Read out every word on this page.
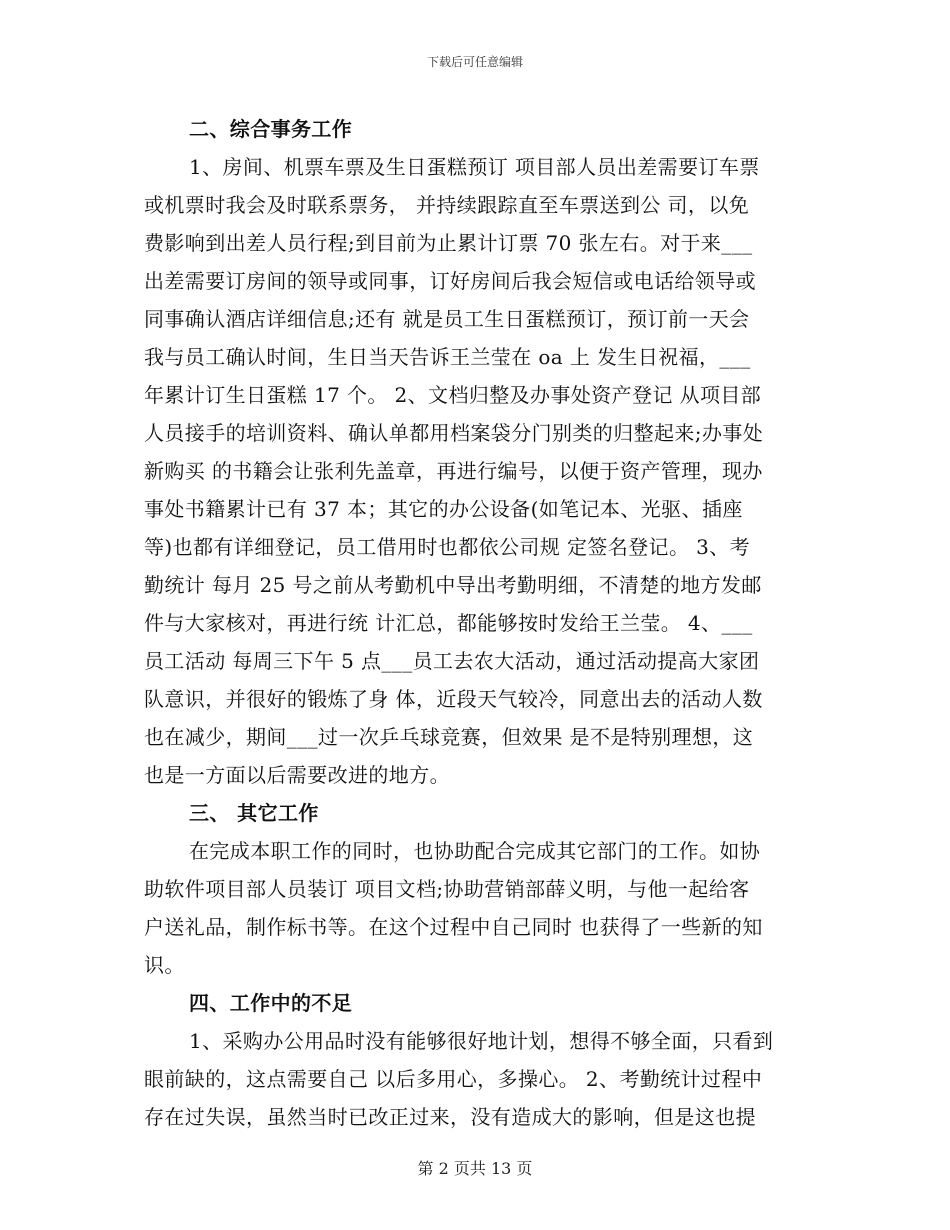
下载后可任意编辑
二、综合事务工作
1、房间、机票车票及生日蛋糕预订 项目部人员出差需要订车票
或机票时我会及时联系票务， 并持续跟踪直至车票送到公 司，以免
费影响到出差人员行程;到目前为止累计订票 70 张左右。对于来___
出差需要订房间的领导或同事，订好房间后我会短信或电话给领导或
同事确认酒店详细信息;还有 就是员工生日蛋糕预订，预订前一天会
我与员工确认时间，生日当天告诉王兰莹在 oa 上 发生日祝福，___
年累计订生日蛋糕 17 个。 2、文档归整及办事处资产登记 从项目部
人员接手的培训资料、确认单都用档案袋分门别类的归整起来;办事处
新购买 的书籍会让张利先盖章，再进行编号，以便于资产管理，现办
事处书籍累计已有 37 本；其它的办公设备(如笔记本、光驱、插座
等)也都有详细登记，员工借用时也都依公司规 定签名登记。 3、考
勤统计 每月 25 号之前从考勤机中导出考勤明细，不清楚的地方发邮
件与大家核对，再进行统 计汇总，都能够按时发给王兰莹。 4、___
员工活动 每周三下午 5 点___员工去农大活动，通过活动提高大家团
队意识，并很好的锻炼了身 体，近段天气较冷，同意出去的活动人数
也在减少，期间___过一次乒乓球竞赛，但效果 是不是特别理想，这
也是一方面以后需要改进的地方。
三、 其它工作
在完成本职工作的同时，也协助配合完成其它部门的工作。如协
助软件项目部人员装订 项目文档;协助营销部薛义明，与他一起给客
户送礼品，制作标书等。在这个过程中自己同时 也获得了一些新的知
识。
四、工作中的不足
1、采购办公用品时没有能够很好地计划，想得不够全面，只看到
眼前缺的，这点需要自己 以后多用心，多操心。 2、考勤统计过程中
存在过失误，虽然当时已改正过来，没有造成大的影响，但是这也提
第 2 页共 13 页
